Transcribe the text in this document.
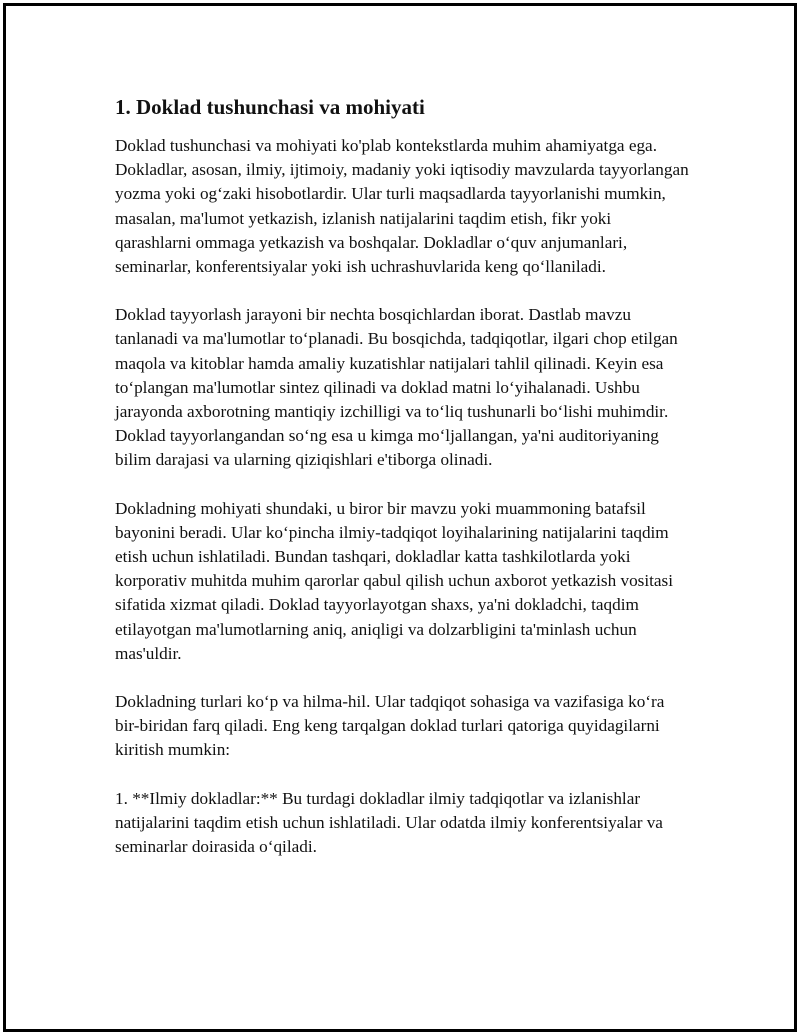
1. Doklad tushunchasi va mohiyati

Doklad tushunchasi va mohiyati ko'plab kontekstlarda muhim ahamiyatga ega. Dokladlar, asosan, ilmiy, ijtimoiy, madaniy yoki iqtisodiy mavzularda tayyorlangan yozma yoki og‘zaki hisobotlardir. Ular turli maqsadlarda tayyorlanishi mumkin, masalan, ma'lumot yetkazish, izlanish natijalarini taqdim etish, fikr yoki qarashlarni ommaga yetkazish va boshqalar. Dokladlar o‘quv anjumanlari, seminarlar, konferentsiyalar yoki ish uchrashuvlarida keng qo‘llaniladi.

Doklad tayyorlash jarayoni bir nechta bosqichlardan iborat. Dastlab mavzu tanlanadi va ma'lumotlar to‘planadi. Bu bosqichda, tadqiqotlar, ilgari chop etilgan maqola va kitoblar hamda amaliy kuzatishlar natijalari tahlil qilinadi. Keyin esa to‘plangan ma'lumotlar sintez qilinadi va doklad matni lo‘yihalanadi. Ushbu jarayonda axborotning mantiqiy izchilligi va to‘liq tushunarli bo‘lishi muhimdir. Doklad tayyorlangandan so‘ng esa u kimga mo‘ljallangan, ya'ni auditoriyaning bilim darajasi va ularning qiziqishlari e'tiborga olinadi.

Dokladning mohiyati shundaki, u biror bir mavzu yoki muammoning batafsil bayonini beradi. Ular ko‘pincha ilmiy-tadqiqot loyihalarining natijalarini taqdim etish uchun ishlatiladi. Bundan tashqari, dokladlar katta tashkilotlarda yoki korporativ muhitda muhim qarorlar qabul qilish uchun axborot yetkazish vositasi sifatida xizmat qiladi. Doklad tayyorlayotgan shaxs, ya'ni dokladchi, taqdim etilayotgan ma'lumotlarning aniq, aniqligi va dolzarbligini ta'minlash uchun mas'uldir.

Dokladning turlari ko‘p va hilma-hil. Ular tadqiqot sohasiga va vazifasiga ko‘ra bir-biridan farq qiladi. Eng keng tarqalgan doklad turlari qatoriga quyidagilarni kiritish mumkin:

1. **Ilmiy dokladlar:** Bu turdagi dokladlar ilmiy tadqiqotlar va izlanishlar natijalarini taqdim etish uchun ishlatiladi. Ular odatda ilmiy konferentsiyalar va seminarlar doirasida o‘qiladi.
